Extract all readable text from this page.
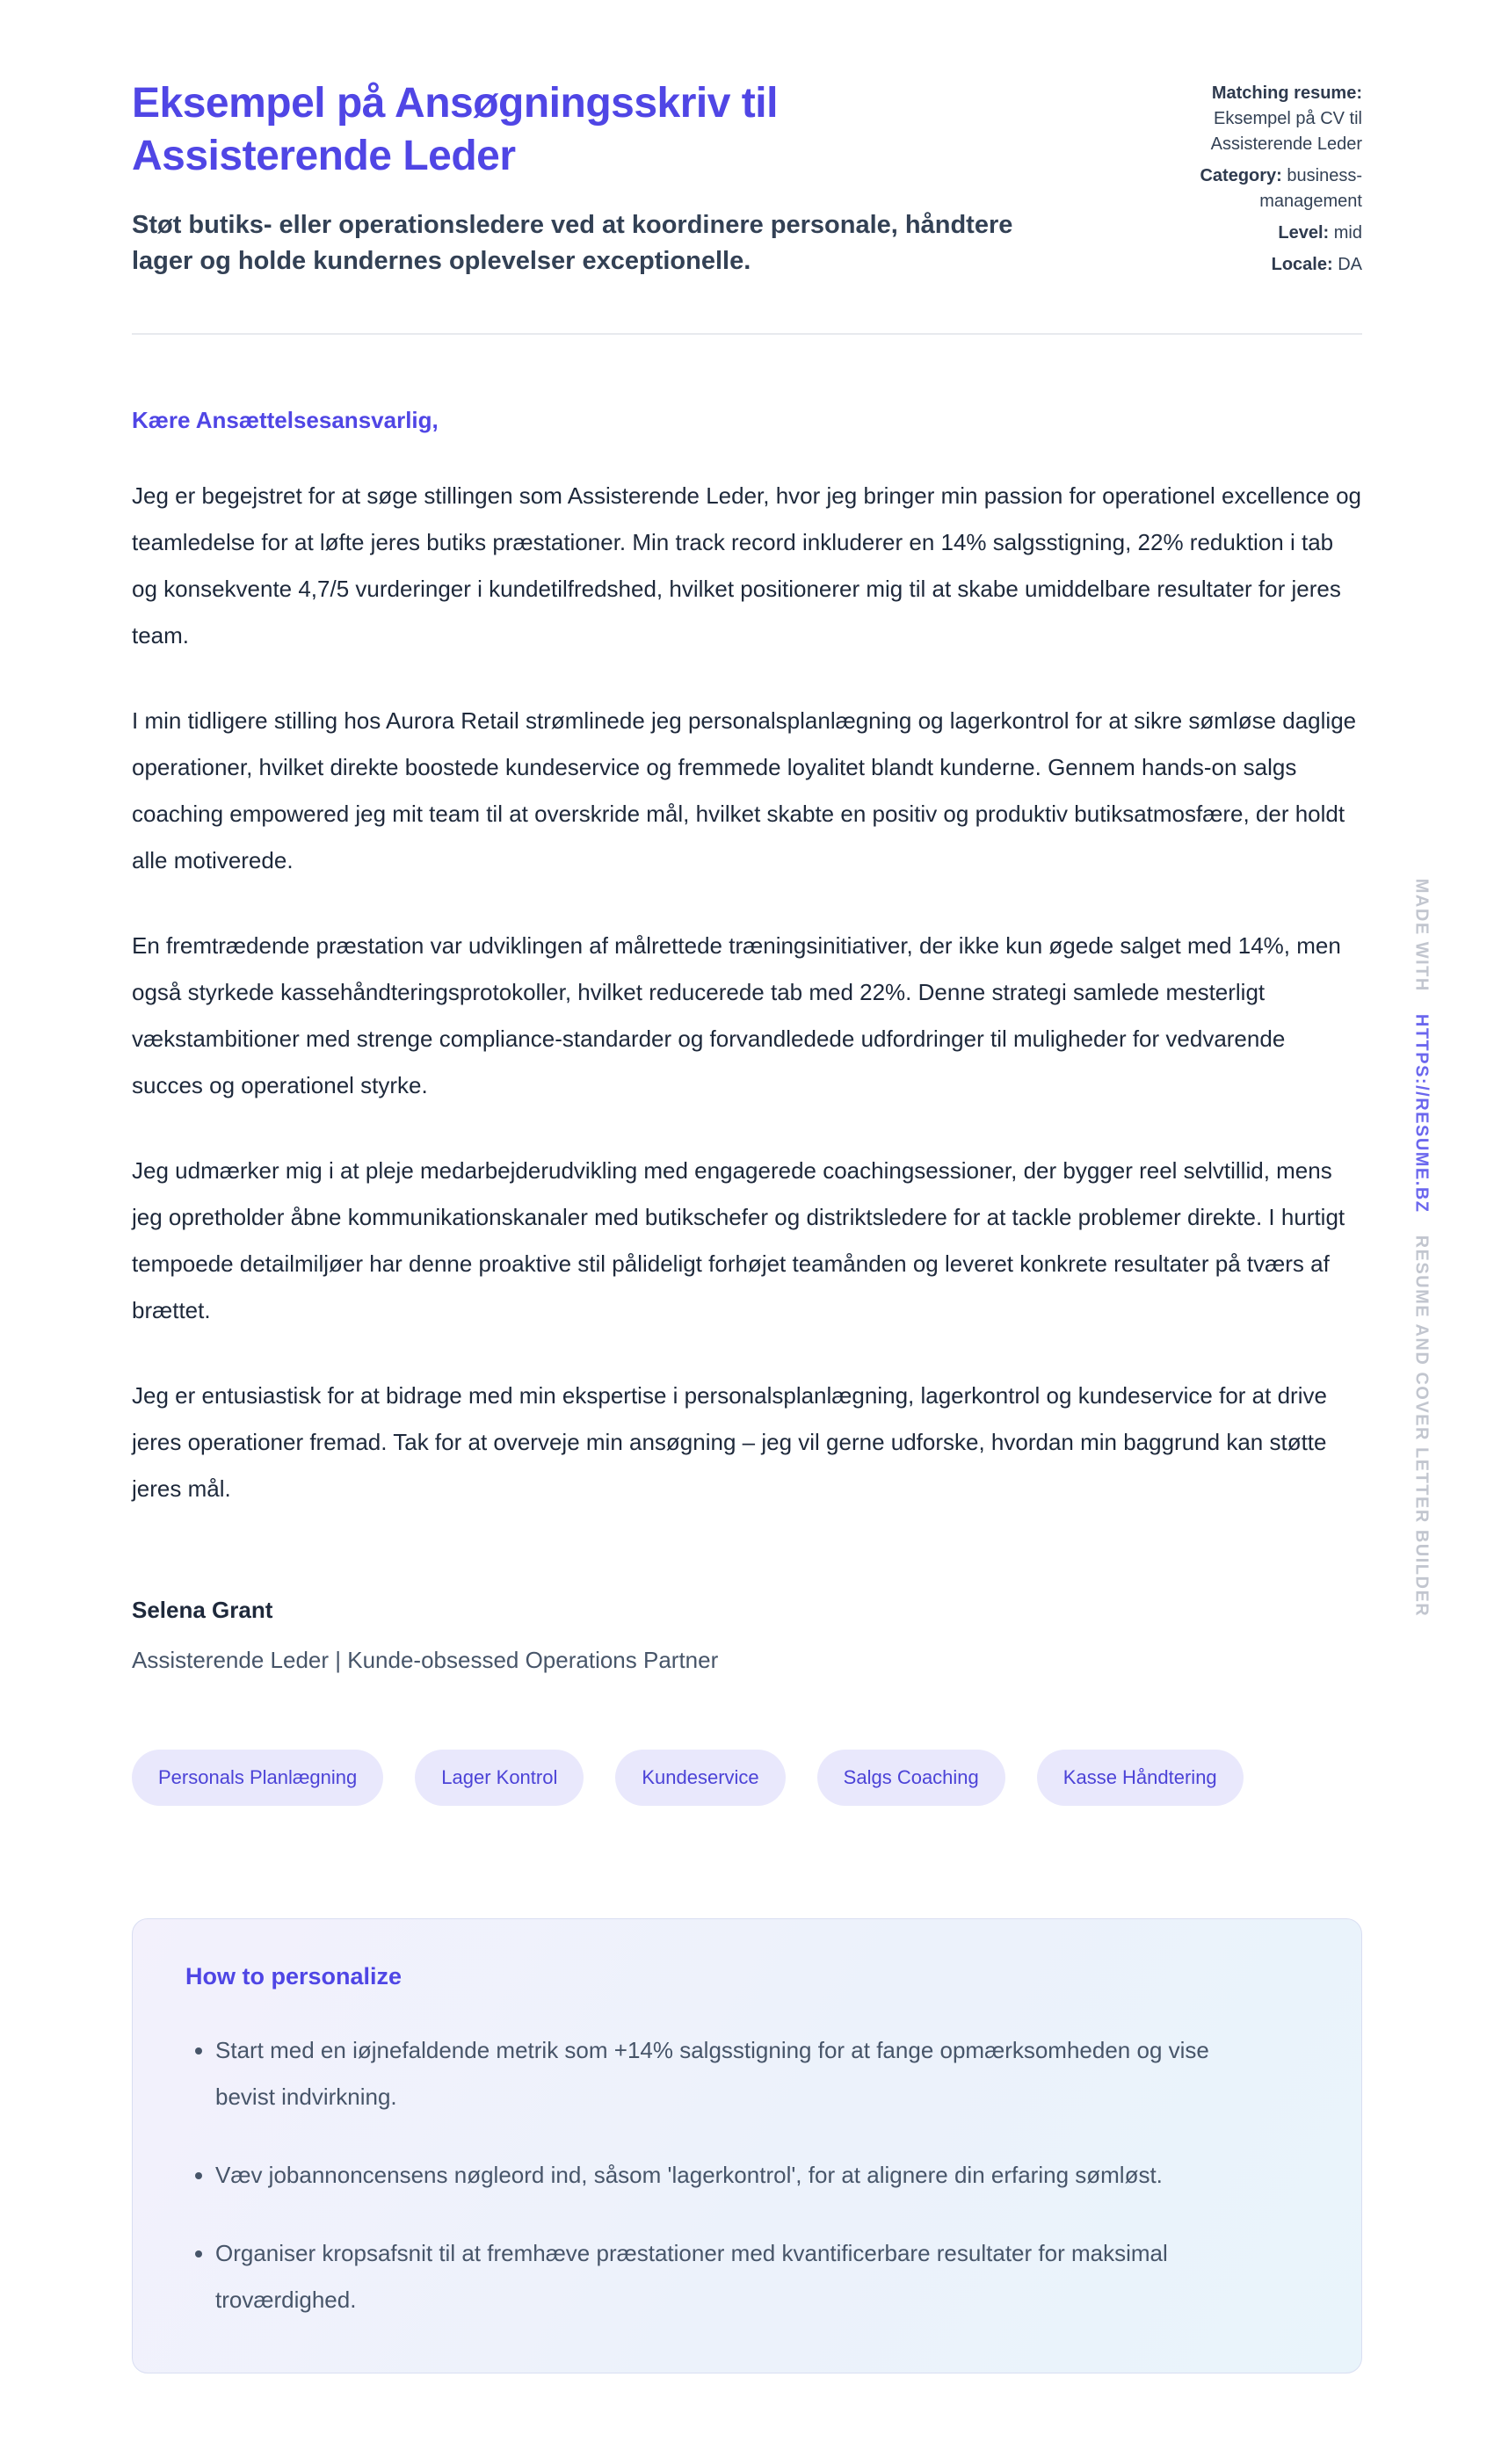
Eksempel på Ansøgningsskriv til Assisterende Leder
Støt butiks- eller operationsledere ved at koordinere personale, håndtere lager og holde kundernes oplevelser exceptionelle.
Matching resume: Eksempel på CV til Assisterende Leder
Category: business-management
Level: mid
Locale: DA
Kære Ansættelsesansvarlig,

Jeg er begejstret for at søge stillingen som Assisterende Leder, hvor jeg bringer min passion for operationel excellence og teamledelse for at løfte jeres butiks præstationer. Min track record inkluderer en 14% salgsstigning, 22% reduktion i tab og konsekvente 4,7/5 vurderinger i kundetilfredshed, hvilket positionerer mig til at skabe umiddelbare resultater for jeres team.

I min tidligere stilling hos Aurora Retail strømlinede jeg personalsplanlægning og lagerkontrol for at sikre sømløse daglige operationer, hvilket direkte boostede kundeservice og fremmede loyalitet blandt kunderne. Gennem hands-on salgs coaching empowered jeg mit team til at overskride mål, hvilket skabte en positiv og produktiv butiksatmosfære, der holdt alle motiverede.

En fremtrædende præstation var udviklingen af målrettede træningsinitiativer, der ikke kun øgede salget med 14%, men også styrkede kassehåndteringsprotokoller, hvilket reducerede tab med 22%. Denne strategi samlede mesterligt vækstambitioner med strenge compliance-standarder og forvandledede udfordringer til muligheder for vedvarende succes og operationel styrke.

Jeg udmærker mig i at pleje medarbejderudvikling med engagerede coachingsessioner, der bygger reel selvtillid, mens jeg opretholder åbne kommunikationskanaler med butikschefer og distriktsledere for at tackle problemer direkte. I hurtigt tempoede detailmiljøer har denne proaktive stil pålideligt forhøjet teamånden og leveret konkrete resultater på tværs af brættet.

Jeg er entusiastisk for at bidrage med min ekspertise i personalsplanlægning, lagerkontrol og kundeservice for at drive jeres operationer fremad. Tak for at overveje min ansøgning – jeg vil gerne udforske, hvordan min baggrund kan støtte jeres mål.

Selena Grant
Assisterende Leder | Kunde-obsessed Operations Partner
Personals Planlægning	Lager Kontrol	Kundeservice	Salgs Coaching	Kasse Håndtering
How to personalize
• Start med en iøjnefaldende metrik som +14% salgsstigning for at fange opmærksomheden og vise bevist indvirkning.
• Væv jobannoncensens nøgleord ind, såsom 'lagerkontrol', for at alignere din erfaring sømløst.
• Organiser kropsafsnit til at fremhæve præstationer med kvantificerbare resultater for maksimal troværdighed.
MADE WITH HTTPS://RESUME.BZ RESUME AND COVER LETTER BUILDER
